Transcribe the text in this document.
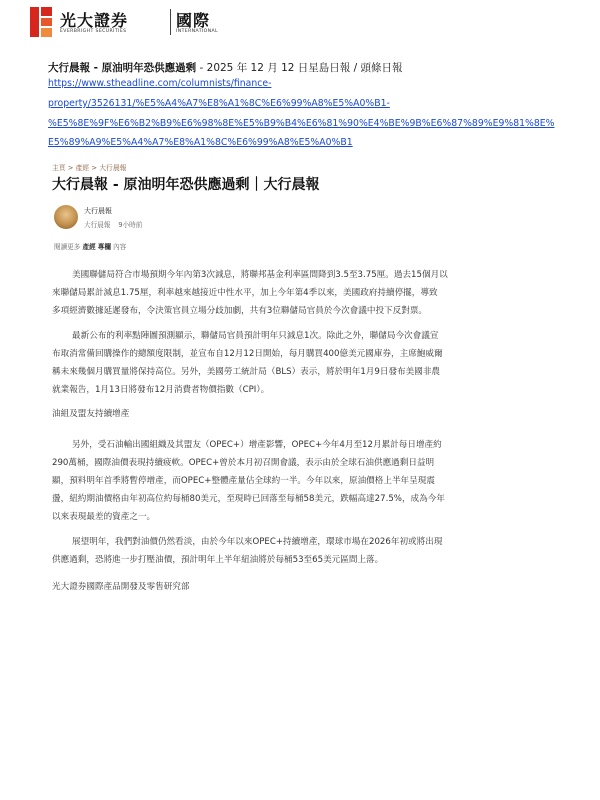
光大證券	國際
EVERBRIGHT SECURITIES	INTERNATIONAL
大行晨報 - 原油明年恐供應過剩 - 2025 年 12 月 12 日星島日報 / 頭條日報
https://www.stheadline.com/columnists/finance-
property/3526131/%E5%A4%A7%E8%A1%8C%E6%99%A8%E5%A0%B1-
%E5%8E%9F%E6%B2%B9%E6%98%8E%E5%B9%B4%E6%81%90%E4%BE%9B%E6%87%89%E9%81%8E%
E5%89%A9%E5%A4%A7%E8%A1%8C%E6%99%A8%E5%A0%B1
主頁 > 產經 > 大行晨報
大行晨報 - 原油明年恐供應過剩｜大行晨報
大行晨報
大行晨報 9小時前
閱讀更多 產經 專欄 內容
美國聯儲局符合市場預期今年內第3次減息，將聯邦基金利率區間降到3.5至3.75厘。過去15個月以
來聯儲局累計減息1.75厘，利率越來越接近中性水平，加上今年第4季以來，美國政府持續停擺，導致
多項經濟數據延遲發布，令決策官員立場分歧加劇，共有3位聯儲局官員於今次會議中投下反對票。
最新公布的利率點陣圖預測顯示，聯儲局官員預計明年只減息1次。除此之外，聯儲局今次會議宣
布取消常備回購操作的總額度限制，並宣布自12月12日開始，每月購買400億美元國庫券，主席鮑威爾
稱未來幾個月購買量將保持高位。另外，美國勞工統計局（BLS）表示，將於明年1月9日發布美國非農
就業報告，1月13日將發布12月消費者物價指數（CPI）。
油組及盟友持續增產
另外，受石油輸出國組織及其盟友（OPEC+）增產影響，OPEC+今年4月至12月累計每日增產約
290萬桶，國際油價表現持續疲軟。OPEC+曾於本月初召開會議，表示由於全球石油供應過剩日益明
顯，預料明年首季將暫停增產，而OPEC+整體產量佔全球約一半。今年以來，原油價格上半年呈現震
盪，紐約期油價格由年初高位約每桶80美元，至現時已回落至每桶58美元，跌幅高達27.5%，成為今年
以來表現最差的資產之一。
展望明年，我們對油價仍然看淡，由於今年以來OPEC+持續增產，環球市場在2026年初或將出現
供應過剩，恐將進一步打壓油價，預計明年上半年紐油將於每桶53至65美元區間上落。
光大證券國際產品開發及零售研究部
